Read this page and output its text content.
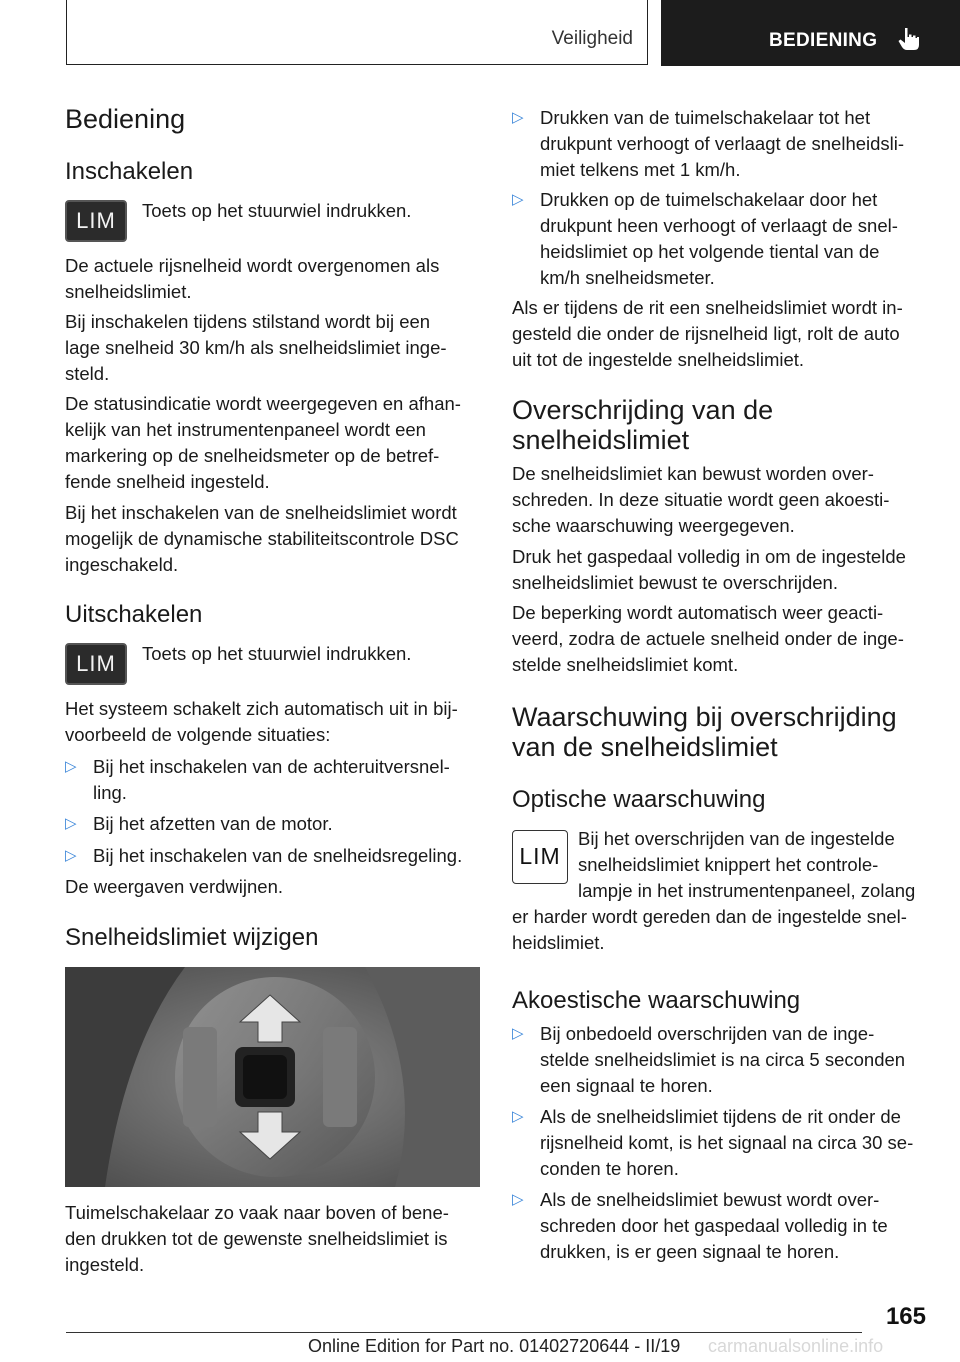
Veiligheid	BEDIENING
Bediening
Inschakelen
LIM	Toets op het stuurwiel indrukken.
De actuele rijsnelheid wordt overgenomen als
snelheidslimiet.
Bij inschakelen tijdens stilstand wordt bij een
lage snelheid 30 km/h als snelheidslimiet inge‐
steld.
De statusindicatie wordt weergegeven en afhan‐
kelijk van het instrumentenpaneel wordt een
markering op de snelheidsmeter op de betref‐
fende snelheid ingesteld.
Bij het inschakelen van de snelheidslimiet wordt
mogelijk de dynamische stabiliteitscontrole DSC
ingeschakeld.
Uitschakelen
LIM	Toets op het stuurwiel indrukken.
Het systeem schakelt zich automatisch uit in bij‐
voorbeeld de volgende situaties:
▷ Bij het inschakelen van de achteruitversnel‐
ling.
▷ Bij het afzetten van de motor.
▷ Bij het inschakelen van de snelheidsregeling.
De weergaven verdwijnen.
Snelheidslimiet wijzigen
Tuimelschakelaar zo vaak naar boven of bene‐
den drukken tot de gewenste snelheidslimiet is
ingesteld.
▷ Drukken van de tuimelschakelaar tot het
drukpunt verhoogt of verlaagt de snelheidsli‐
miet telkens met 1 km/h.
▷ Drukken op de tuimelschakelaar door het
drukpunt heen verhoogt of verlaagt de snel‐
heidslimiet op het volgende tiental van de
km/h snelheidsmeter.
Als er tijdens de rit een snelheidslimiet wordt in‐
gesteld die onder de rijsnelheid ligt, rolt de auto
uit tot de ingestelde snelheidslimiet.
Overschrijding van de
snelheidslimiet
De snelheidslimiet kan bewust worden over‐
schreden. In deze situatie wordt geen akoesti‐
sche waarschuwing weergegeven.
Druk het gaspedaal volledig in om de ingestelde
snelheidslimiet bewust te overschrijden.
De beperking wordt automatisch weer geacti‐
veerd, zodra de actuele snelheid onder de inge‐
stelde snelheidslimiet komt.
Waarschuwing bij overschrijding
van de snelheidslimiet
Optische waarschuwing
LIM
Bij het overschrijden van de ingestelde
snelheidslimiet knippert het controle‐
lampje in het instrumentenpaneel, zolang
er harder wordt gereden dan de ingestelde snel‐
heidslimiet.
Akoestische waarschuwing
▷ Bij onbedoeld overschrijden van de inge‐
stelde snelheidslimiet is na circa 5 seconden
een signaal te horen.
▷ Als de snelheidslimiet tijdens de rit onder de
rijsnelheid komt, is het signaal na circa 30 se‐
conden te horen.
▷ Als de snelheidslimiet bewust wordt over‐
schreden door het gaspedaal volledig in te
drukken, is er geen signaal te horen.
165
Online Edition for Part no. 01402720644 - II/19 carmanualsonline.info
